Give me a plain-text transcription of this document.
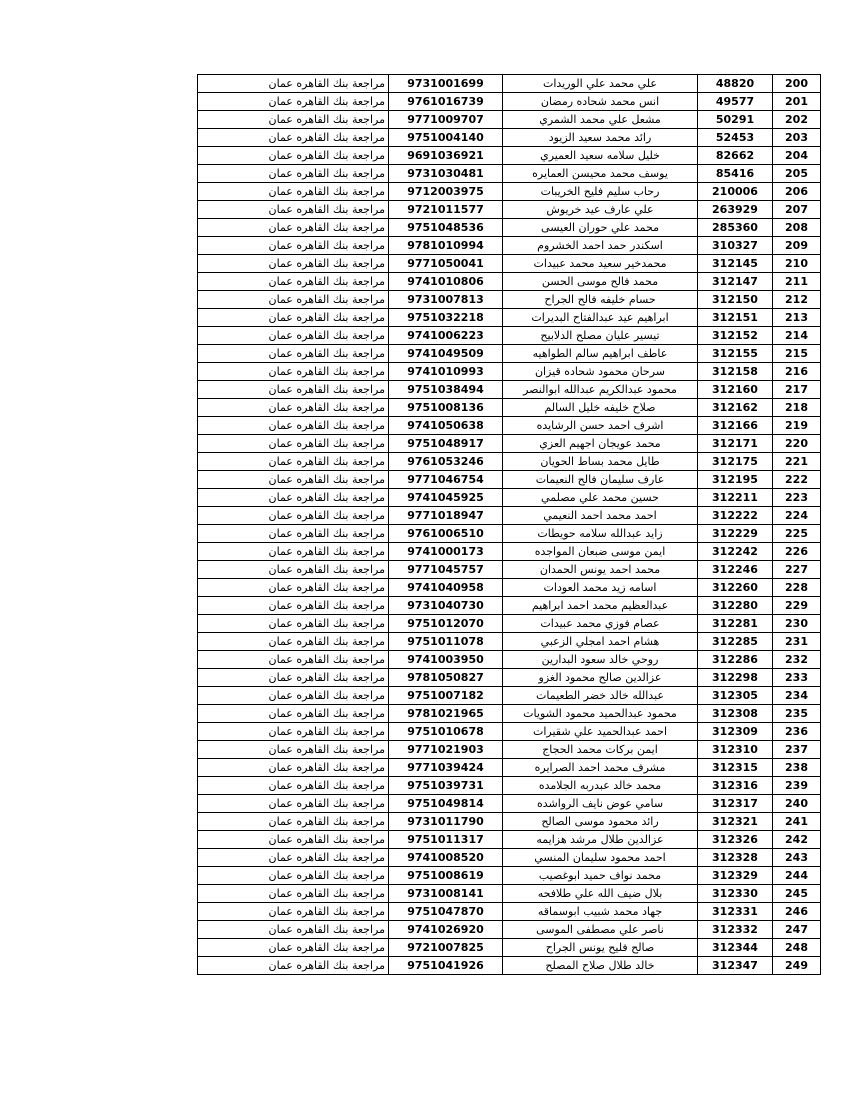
مراجعة بنك القاهره عمان	9731001699	علي محمد علي الوريدات	48820	200
مراجعة بنك القاهره عمان	9761016739	انس محمد شحاده رمضان	49577	201
مراجعة بنك القاهره عمان	9771009707	مشعل علي محمد الشمري	50291	202
مراجعة بنك القاهره عمان	9751004140	رائد محمد سعيد الزيود	52453	203
مراجعة بنك القاهره عمان	9691036921	خليل سلامه سعيد العميري	82662	204
مراجعة بنك القاهره عمان	9731030481	يوسف محمد محيسن العمايره	85416	205
مراجعة بنك القاهره عمان	9712003975	رحاب سليم فليح الخريبات	210006	206
مراجعة بنك القاهره عمان	9721011577	علي عارف عيد خريوش	263929	207
مراجعة بنك القاهره عمان	9751048536	محمد علي حوران العيسى	285360	208
مراجعة بنك القاهره عمان	9781010994	اسكندر حمد احمد الخشروم	310327	209
مراجعة بنك القاهره عمان	9771050041	محمدخير سعيد محمد عبيدات	312145	210
مراجعة بنك القاهره عمان	9741010806	محمد فالح موسى الحسن	312147	211
مراجعة بنك القاهره عمان	9731007813	حسام خليفه فالح الجراح	312150	212
مراجعة بنك القاهره عمان	9751032218	ابراهيم عيد عبدالفتاح البديرات	312151	213
مراجعة بنك القاهره عمان	9741006223	تيسير عليان مصلح الدلابيح	312152	214
مراجعة بنك القاهره عمان	9741049509	عاطف ابراهيم سالم الطواهيه	312155	215
مراجعة بنك القاهره عمان	9741010993	سرحان محمود شحاده قيزان	312158	216
مراجعة بنك القاهره عمان	9751038494	محمود عبدالكريم عبدالله ابوالنصر	312160	217
مراجعة بنك القاهره عمان	9751008136	صلاح خليفه خليل السالم	312162	218
مراجعة بنك القاهره عمان	9741050638	اشرف احمد حسن الرشايده	312166	219
مراجعة بنك القاهره عمان	9751048917	محمد عويجان اجهيم العزي	312171	220
مراجعة بنك القاهره عمان	9761053246	طايل محمد بساط الحويان	312175	221
مراجعة بنك القاهره عمان	9771046754	عارف سليمان فالح النعيمات	312195	222
مراجعة بنك القاهره عمان	9741045925	حسين محمد علي مصلمي	312211	223
مراجعة بنك القاهره عمان	9771018947	احمد محمد احمد النعيمي	312222	224
مراجعة بنك القاهره عمان	9761006510	زايد عبدالله سلامه حويطات	312229	225
مراجعة بنك القاهره عمان	9741000173	ايمن موسى ضبعان المواجده	312242	226
مراجعة بنك القاهره عمان	9771045757	محمد احمد يونس الحمدان	312246	227
مراجعة بنك القاهره عمان	9741040958	اسامه زيد محمد العودات	312260	228
مراجعة بنك القاهره عمان	9731040730	عبدالعظيم محمد احمد ابراهيم	312280	229
مراجعة بنك القاهره عمان	9751012070	عصام فوزي محمد عبيدات	312281	230
مراجعة بنك القاهره عمان	9751011078	هشام احمد امجلي الزعبي	312285	231
مراجعة بنك القاهره عمان	9741003950	روحي خالد سعود البدارين	312286	232
مراجعة بنك القاهره عمان	9781050827	عزالدين صالح محمود الغزو	312298	233
مراجعة بنك القاهره عمان	9751007182	عبدالله خالد خضر الطعيمات	312305	234
مراجعة بنك القاهره عمان	9781021965	محمود عبدالحميد محمود الشويات	312308	235
مراجعة بنك القاهره عمان	9751010678	احمد عبدالحميد علي شقيرات	312309	236
مراجعة بنك القاهره عمان	9771021903	ايمن بركات محمد الحجاج	312310	237
مراجعة بنك القاهره عمان	9771039424	مشرف محمد احمد الصرايره	312315	238
مراجعة بنك القاهره عمان	9751039731	محمد خالد عبدربه الجلامده	312316	239
مراجعة بنك القاهره عمان	9751049814	سامي عوض نايف الرواشده	312317	240
مراجعة بنك القاهره عمان	9731011790	رائد محمود موسى الصالح	312321	241
مراجعة بنك القاهره عمان	9751011317	عزالدين طلال مرشد هزايمه	312326	242
مراجعة بنك القاهره عمان	9741008520	احمد محمود سليمان المنسي	312328	243
مراجعة بنك القاهره عمان	9751008619	محمد نواف حميد ابوغصيب	312329	244
مراجعة بنك القاهره عمان	9731008141	بلال ضيف الله علي طلافحه	312330	245
مراجعة بنك القاهره عمان	9751047870	جهاد محمد شبيب ابوسماقه	312331	246
مراجعة بنك القاهره عمان	9741026920	ناصر علي مصطفى الموسى	312332	247
مراجعة بنك القاهره عمان	9721007825	صالح فليح يونس الجراح	312344	248
مراجعة بنك القاهره عمان	9751041926	خالد طلال صلاح المصلح	312347	249
